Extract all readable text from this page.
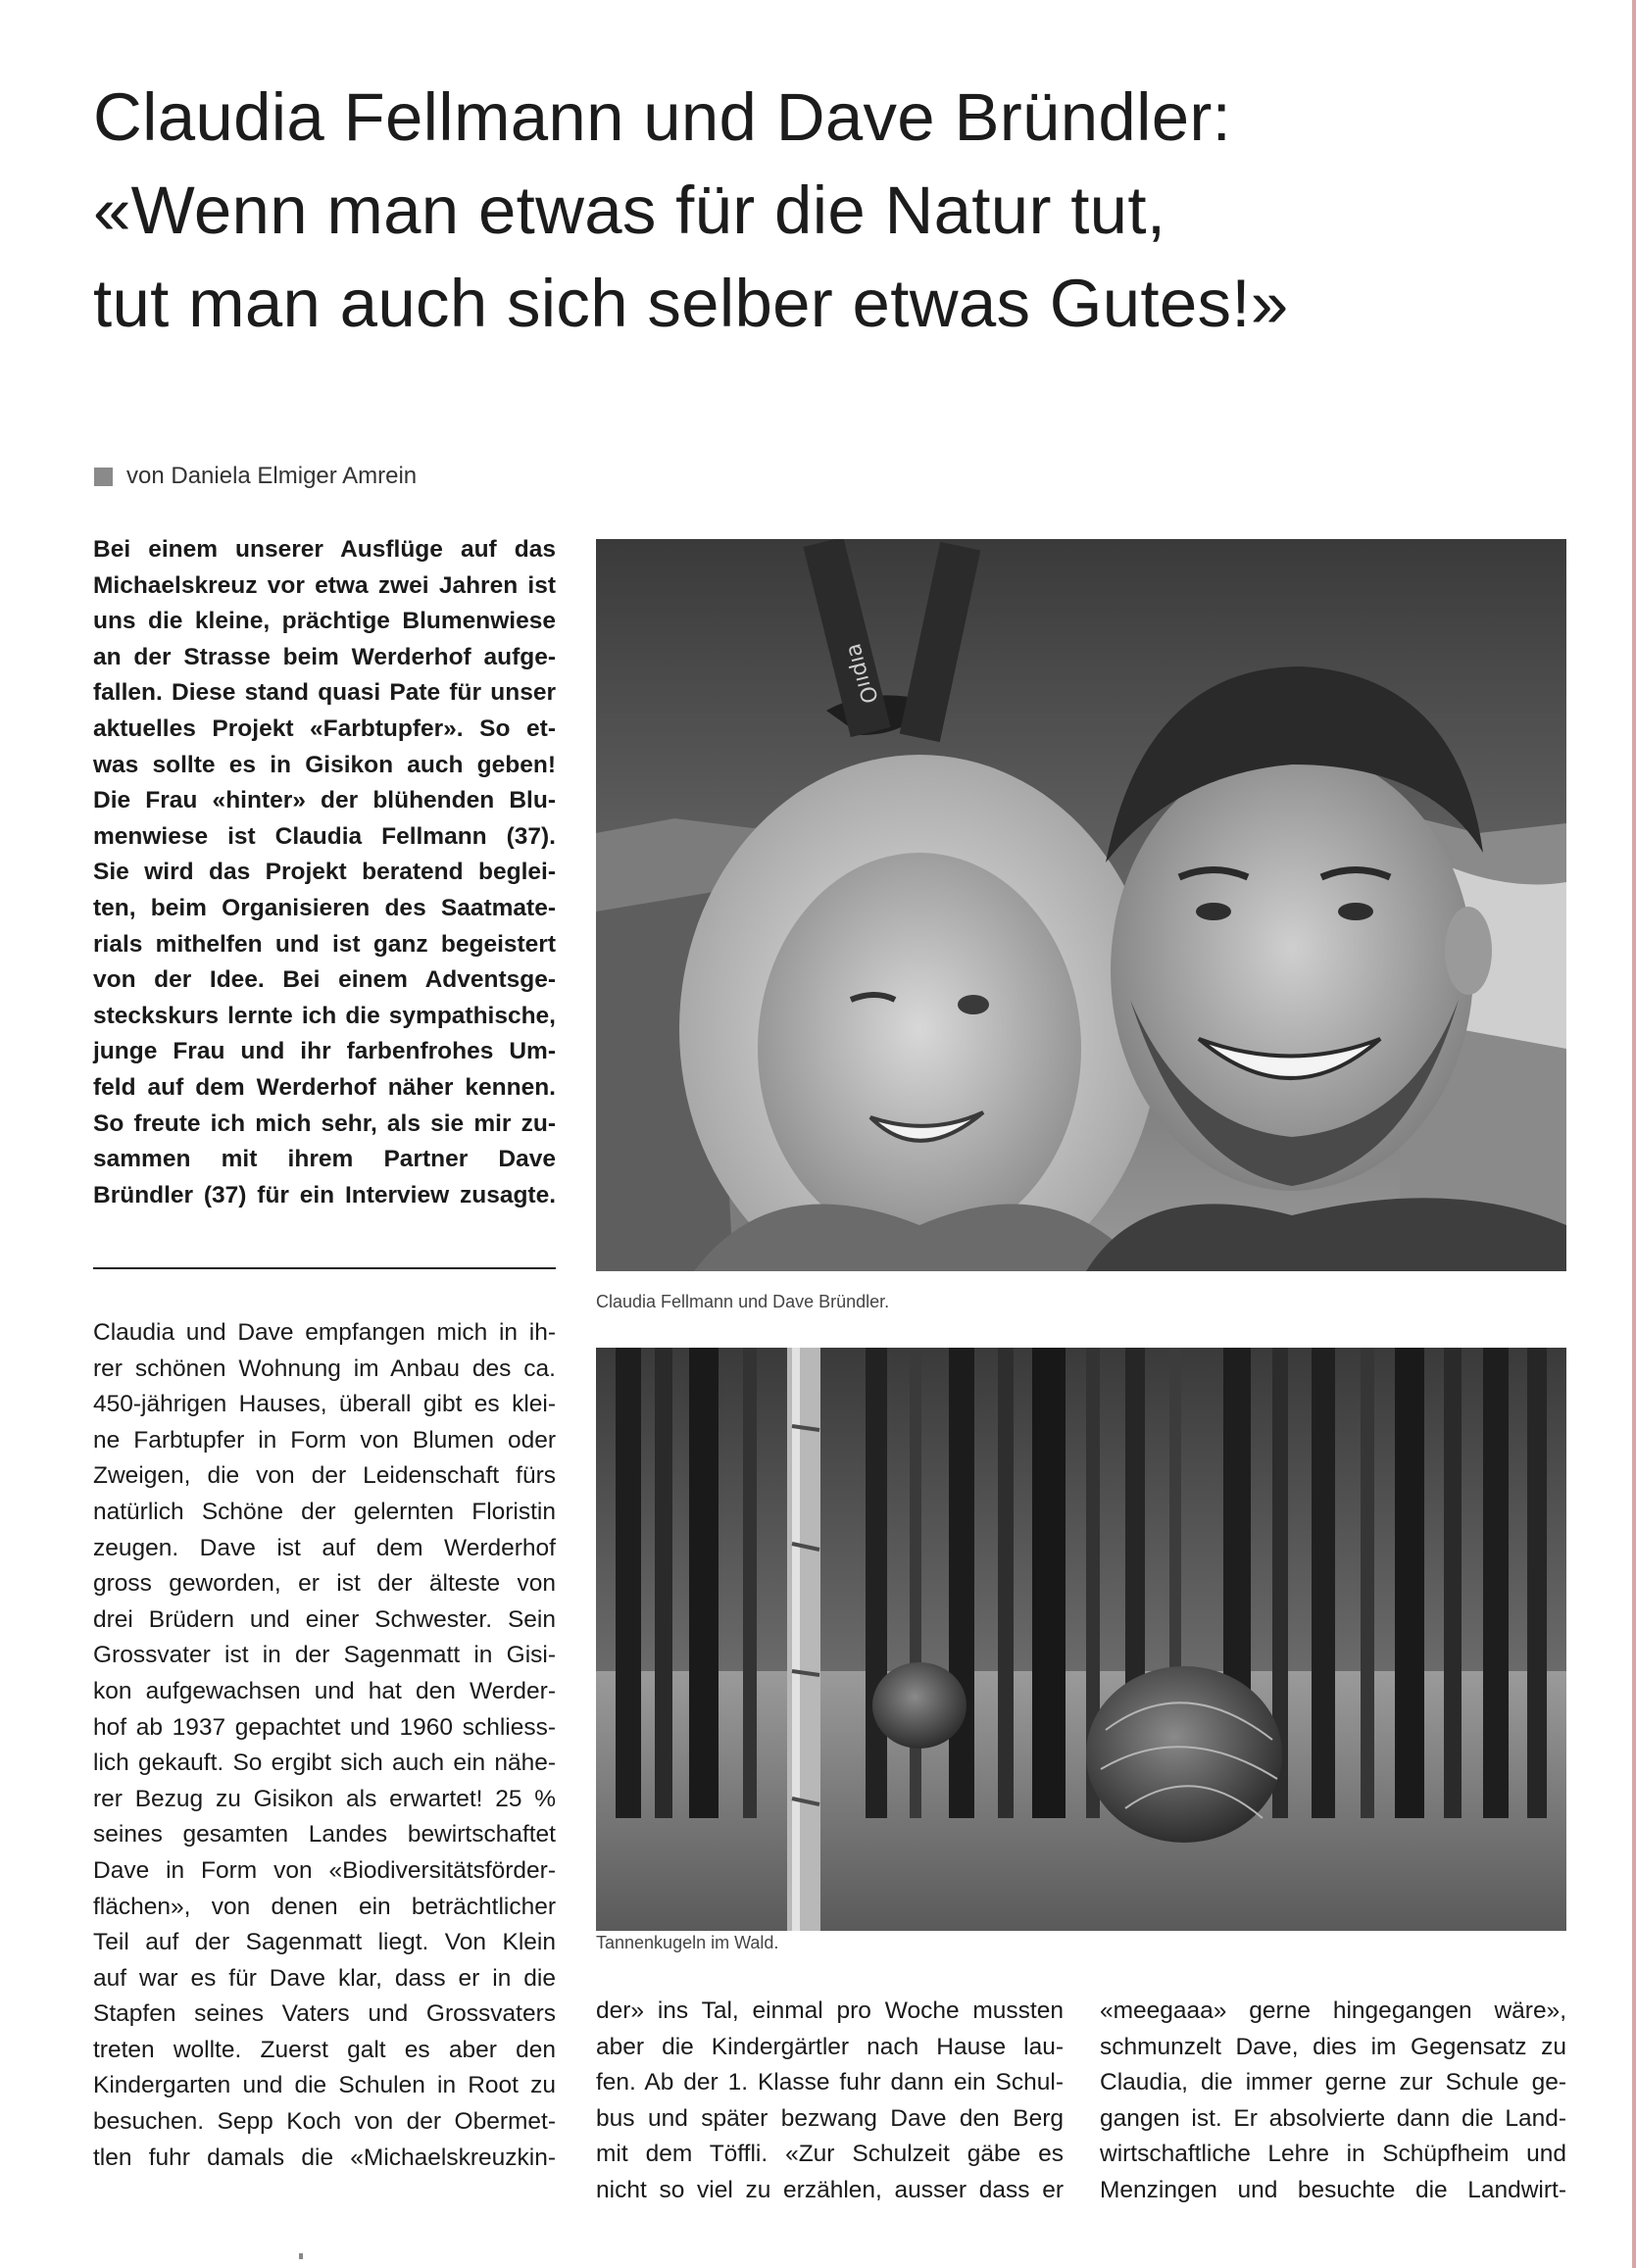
Claudia Fellmann und Dave Bründler:
«Wenn man etwas für die Natur tut,
tut man auch sich selber etwas Gutes!»
von Daniela Elmiger Amrein

Bei einem unserer Ausflüge auf das
Michaelskreuz vor etwa zwei Jahren ist
uns die kleine, prächtige Blumenwiese
an der Strasse beim Werderhof aufge-
fallen. Diese stand quasi Pate für unser
aktuelles Projekt «Farbtupfer». So et-
was sollte es in Gisikon auch geben!
Die Frau «hinter» der blühenden Blu-
menwiese ist Claudia Fellmann (37).
Sie wird das Projekt beratend beglei-
ten, beim Organisieren des Saatmate-
rials mithelfen und ist ganz begeistert
von der Idee. Bei einem Adventsge-
steckskurs lernte ich die sympathische,
junge Frau und ihr farbenfrohes Um-
feld auf dem Werderhof näher kennen.
So freute ich mich sehr, als sie mir zu-
sammen mit ihrem Partner Dave
Bründler (37) für ein Interview zusagte.

Claudia und Dave empfangen mich in ih-
rer schönen Wohnung im Anbau des ca.
450-jährigen Hauses, überall gibt es klei-
ne Farbtupfer in Form von Blumen oder
Zweigen, die von der Leidenschaft fürs
natürlich Schöne der gelernten Floristin
zeugen. Dave ist auf dem Werderhof
gross geworden, er ist der älteste von
drei Brüdern und einer Schwester. Sein
Grossvater ist in der Sagenmatt in Gisi-
kon aufgewachsen und hat den Werder-
hof ab 1937 gepachtet und 1960 schliess-
lich gekauft. So ergibt sich auch ein nähe-
rer Bezug zu Gisikon als erwartet! 25 %
seines gesamten Landes bewirtschaftet
Dave in Form von «Biodiversitätsförder-
flächen», von denen ein beträchtlicher
Teil auf der Sagenmatt liegt. Von Klein
auf war es für Dave klar, dass er in die
Stapfen seines Vaters und Grossvaters
treten wollte. Zuerst galt es aber den
Kindergarten und die Schulen in Root zu
besuchen. Sepp Koch von der Obermet-
tlen fuhr damals die «Michaelskreuzkin-

der» ins Tal, einmal pro Woche mussten
aber die Kindergärtler nach Hause lau-
fen. Ab der 1. Klasse fuhr dann ein Schul-
bus und später bezwang Dave den Berg
mit dem Töffli. «Zur Schulzeit gäbe es
nicht so viel zu erzählen, ausser dass er

«meegaaa» gerne hingegangen wäre»,
schmunzelt Dave, dies im Gegensatz zu
Claudia, die immer gerne zur Schule ge-
gangen ist. Er absolvierte dann die Land-
wirtschaftliche Lehre in Schüpfheim und
Menzingen und besuchte die Landwirt-

ɐıpııO
Claudia Fellmann und Dave Bründler.
Tannenkugeln im Wald.
